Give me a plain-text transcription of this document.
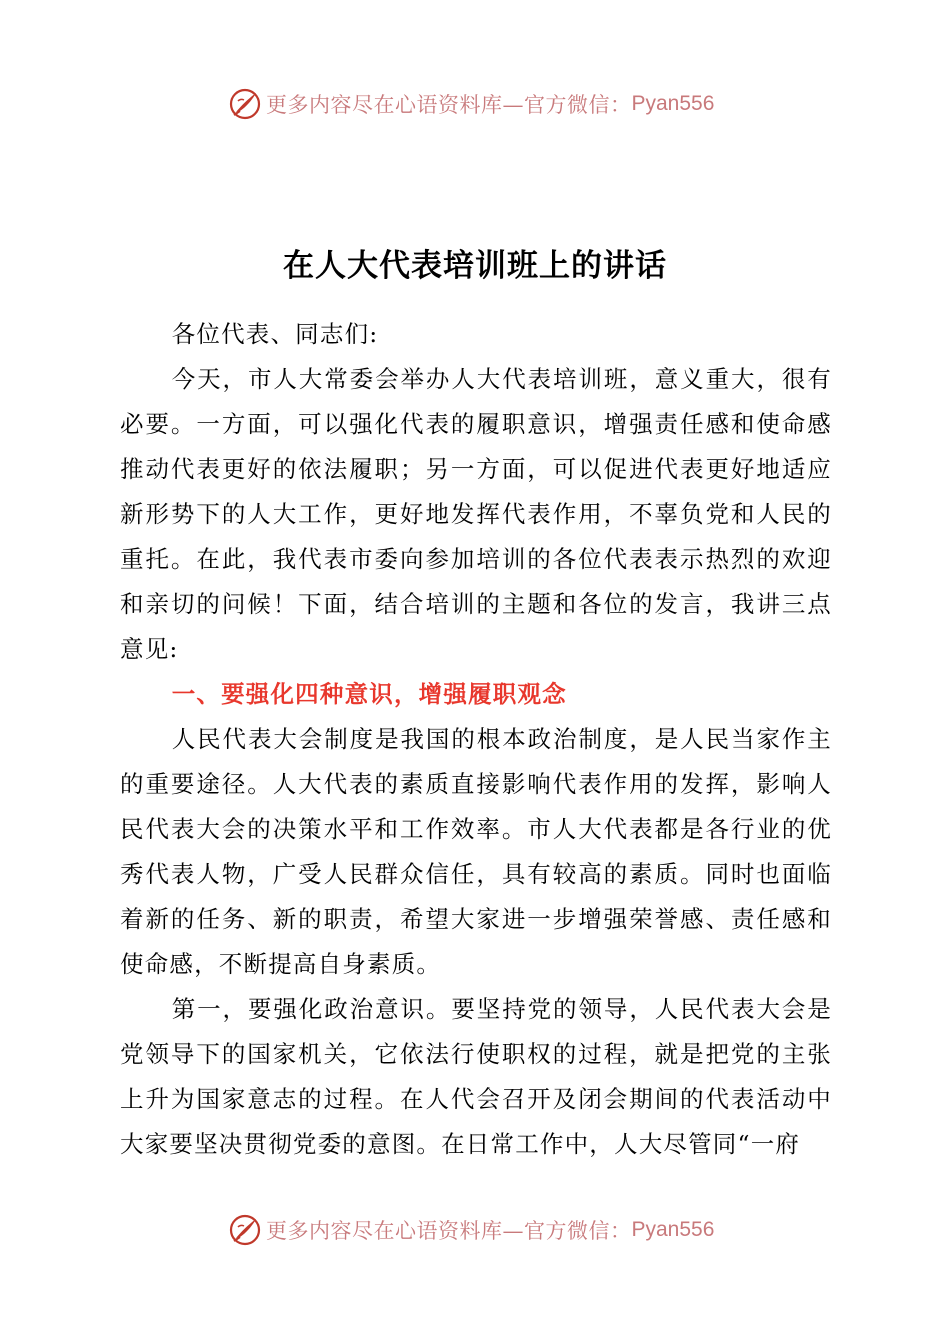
更多内容尽在心语资料库—官方微信： Pyan556
在人大代表培训班上的讲话

各位代表、同志们:

今天，市人大常委会举办人大代表培训班，意义重大，很有必要。一方面，可以强化代表的履职意识，增强责任感和使命感推动代表更好的依法履职；另一方面，可以促进代表更好地适应新形势下的人大工作，更好地发挥代表作用，不辜负党和人民的重托。在此，我代表市委向参加培训的各位代表表示热烈的欢迎和亲切的问候！下面，结合培训的主题和各位的发言，我讲三点意见:

一、要强化四种意识，增强履职观念

人民代表大会制度是我国的根本政治制度，是人民当家作主的重要途径。人大代表的素质直接影响代表作用的发挥，影响人民代表大会的决策水平和工作效率。市人大代表都是各行业的优秀代表人物，广受人民群众信任，具有较高的素质。同时也面临着新的任务、新的职责，希望大家进一步增强荣誉感、责任感和使命感，不断提高自身素质。

第一，要强化政治意识。要坚持党的领导，人民代表大会是党领导下的国家机关，它依法行使职权的过程，就是把党的主张上升为国家意志的过程。在人代会召开及闭会期间的代表活动中大家要坚决贯彻党委的意图。在日常工作中，人大尽管同“一府

更多内容尽在心语资料库—官方微信： Pyan556
